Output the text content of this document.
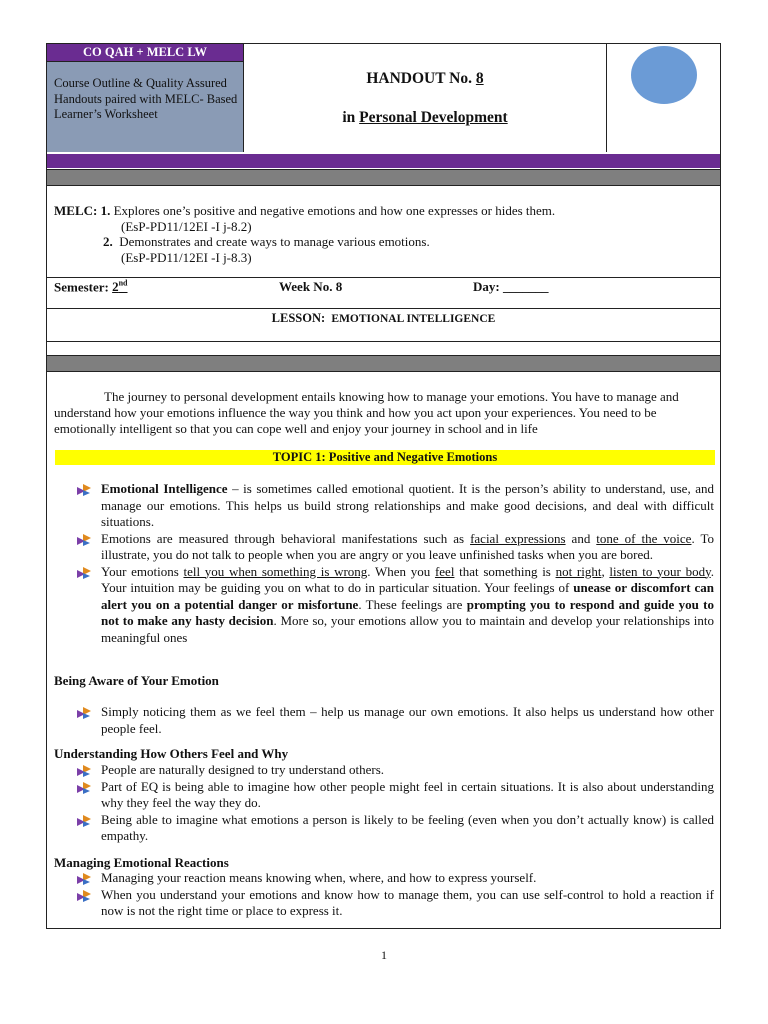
CO QAH + MELC LW
Course Outline & Quality Assured Handouts paired with MELC- Based Learner’s Worksheet
HANDOUT No. 8
in Personal Development
MELC: 1. Explores one’s positive and negative emotions and how one expresses or hides them.
(EsP-PD11/12EI -I j-8.2)
2. Demonstrates and create ways to manage various emotions.
(EsP-PD11/12EI -I j-8.3)
Semester: 2nd	Week No. 8	Day: _______
LESSON: EMOTIONAL INTELLIGENCE
The journey to personal development entails knowing how to manage your emotions. You have to manage and understand how your emotions influence the way you think and how you act upon your experiences. You need to be emotionally intelligent so that you can cope well and enjoy your journey in school and in life
TOPIC 1: Positive and Negative Emotions
Emotional Intelligence – is sometimes called emotional quotient. It is the person’s ability to understand, use, and manage our emotions. This helps us build strong relationships and make good decisions, and deal with difficult situations.
Emotions are measured through behavioral manifestations such as facial expressions and tone of the voice. To illustrate, you do not talk to people when you are angry or you leave unfinished tasks when you are bored.
Your emotions tell you when something is wrong. When you feel that something is not right, listen to your body. Your intuition may be guiding you on what to do in particular situation. Your feelings of unease or discomfort can alert you on a potential danger or misfortune. These feelings are prompting you to respond and guide you to not to make any hasty decision. More so, your emotions allow you to maintain and develop your relationships into meaningful ones
Being Aware of Your Emotion
Simply noticing them as we feel them – help us manage our own emotions. It also helps us understand how other people feel.
Understanding How Others Feel and Why
People are naturally designed to try understand others.
Part of EQ is being able to imagine how other people might feel in certain situations. It is also about understanding why they feel the way they do.
Being able to imagine what emotions a person is likely to be feeling (even when you don’t actually know) is called empathy.
Managing Emotional Reactions
Managing your reaction means knowing when, where, and how to express yourself.
When you understand your emotions and know how to manage them, you can use self-control to hold a reaction if now is not the right time or place to express it.
1
